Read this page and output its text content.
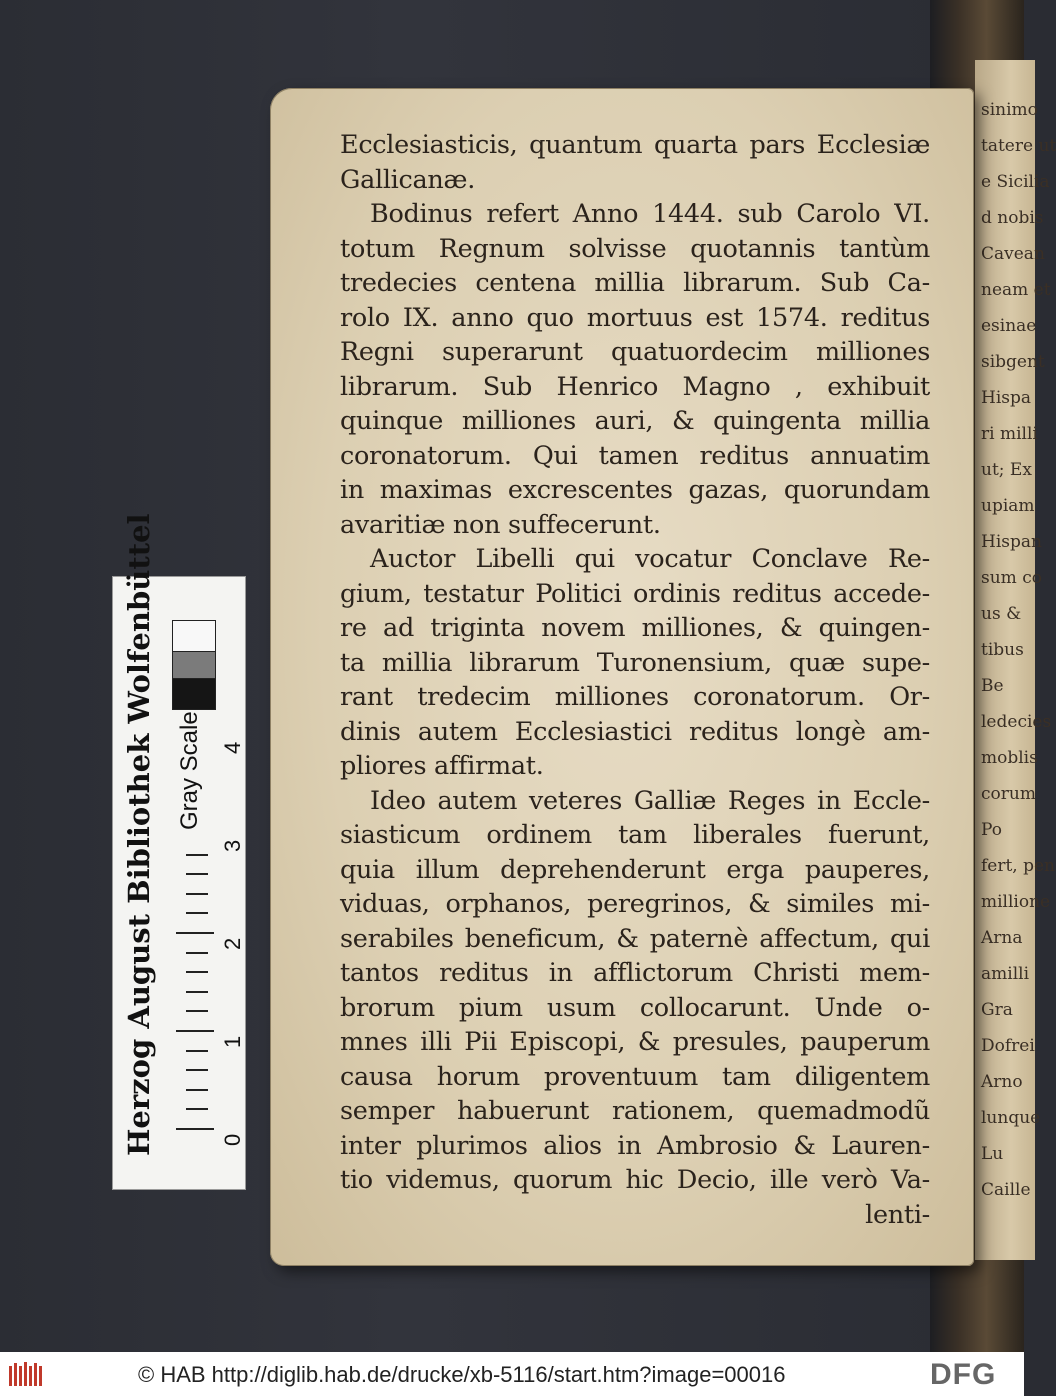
sinimo
tatere ut
e Sicilia
d nobis
Cavean
neam et
esinae
sibgent
Hispa
ri milli
ut; Ex
upiam
Hispan
sum co
us &
tibus
Be
ledecies
moblis
corum
Po
fert, pen
millione
Arna
amilli
Gra
Dofrei
Arno
lunque
Lu
Caille
Ecclesiasticis, quantum quarta pars Ecclesiæ
Gallicanæ.
Bodinus refert Anno 1444. sub Carolo VI.
totum Regnum solvisse quotannis tantùm
tredecies centena millia librarum. Sub Ca-
rolo IX. anno quo mortuus est 1574. reditus
Regni superarunt quatuordecim milliones
librarum. Sub Henrico Magno , exhibuit
quinque milliones auri, & quingenta millia
coronatorum. Qui tamen reditus annuatim
in maximas excrescentes gazas, quorundam
avaritiæ non suffecerunt.
Auctor Libelli qui vocatur Conclave Re-
gium, testatur Politici ordinis reditus accede-
re ad triginta novem milliones, & quingen-
ta millia librarum Turonensium, quæ supe-
rant tredecim milliones coronatorum. Or-
dinis autem Ecclesiastici reditus longè am-
pliores affirmat.
Ideo autem veteres Galliæ Reges in Eccle-
siasticum ordinem tam liberales fuerunt,
quia illum deprehenderunt erga pauperes,
viduas, orphanos, peregrinos, & similes mi-
serabiles beneficum, & paternè affectum, qui
tantos reditus in afflictorum Christi mem-
brorum pium usum collocarunt. Unde o-
mnes illi Pii Episcopi, & presules, pauperum
causa horum proventuum tam diligentem
semper habuerunt rationem, quemadmodũ
inter plurimos alios in Ambrosio & Lauren-
tio videmus, quorum hic Decio, ille verò Va-
lenti-
Herzog August Bibliothek Wolfenbüttel Gray Scale
0
1
2
3
4
© HAB http://diglib.hab.de/drucke/xb-5116/start.htm?image=00016	DFG
